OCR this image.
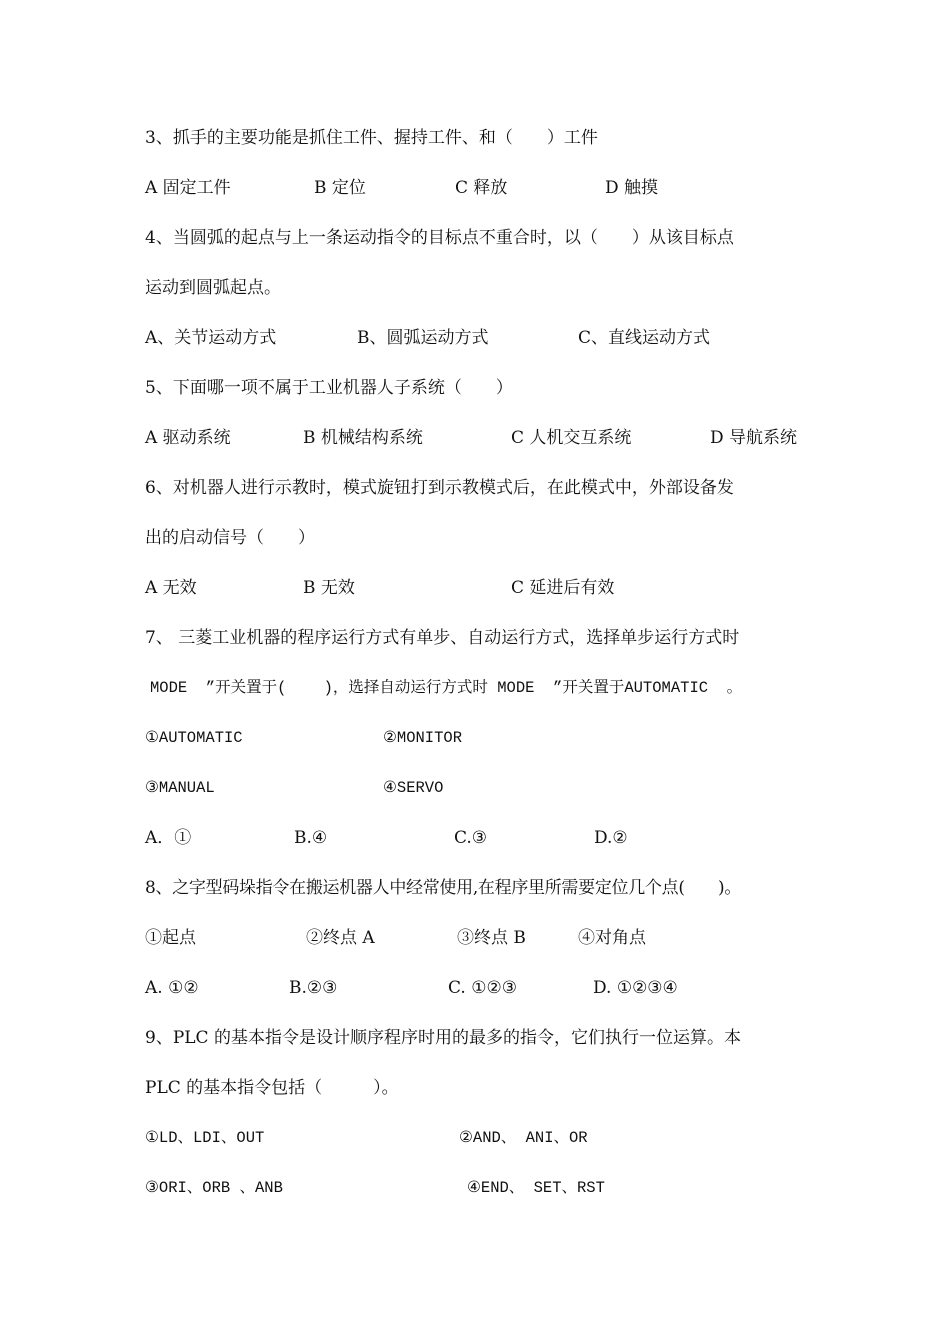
3、抓手的主要功能是抓住工件、握持工件、和（　　）工件
A 固定工件	B 定位	C 释放	D 触摸
4、当圆弧的起点与上一条运动指令的目标点不重合时，以（　　）从该目标点
运动到圆弧起点。
A、关节运动方式	B、圆弧运动方式	C、直线运动方式
5、下面哪一项不属于工业机器人子系统（　　）
A 驱动系统	B 机械结构系统	C 人机交互系统	D 导航系统
6、对机器人进行示教时，模式旋钮打到示教模式后，在此模式中，外部设备发
出的启动信号（　　）
A 无效	B 无效	C 延进后有效
7、 三菱工业机器的程序运行方式有单步、自动运行方式，选择单步运行方式时
MODE  ”开关置于(    )，选择自动运行方式时 MODE  ”开关置于AUTOMATIC  。
①AUTOMATIC	②MONITOR
③MANUAL	④SERVO
A．①	B.④	C.③	D.②
8、之字型码垛指令在搬运机器人中经常使用,在程序里所需要定位几个点(　　)。
①起点	②终点 A	③终点 B	④对角点
A. ①②	B.②③	C. ①②③	D. ①②③④
9、PLC 的基本指令是设计顺序程序时用的最多的指令，它们执行一位运算。本
PLC 的基本指令包括（　　　）。
①LD、LDI、OUT	②AND、 ANI、OR
③ORI、ORB 、ANB	④END、 SET、RST
